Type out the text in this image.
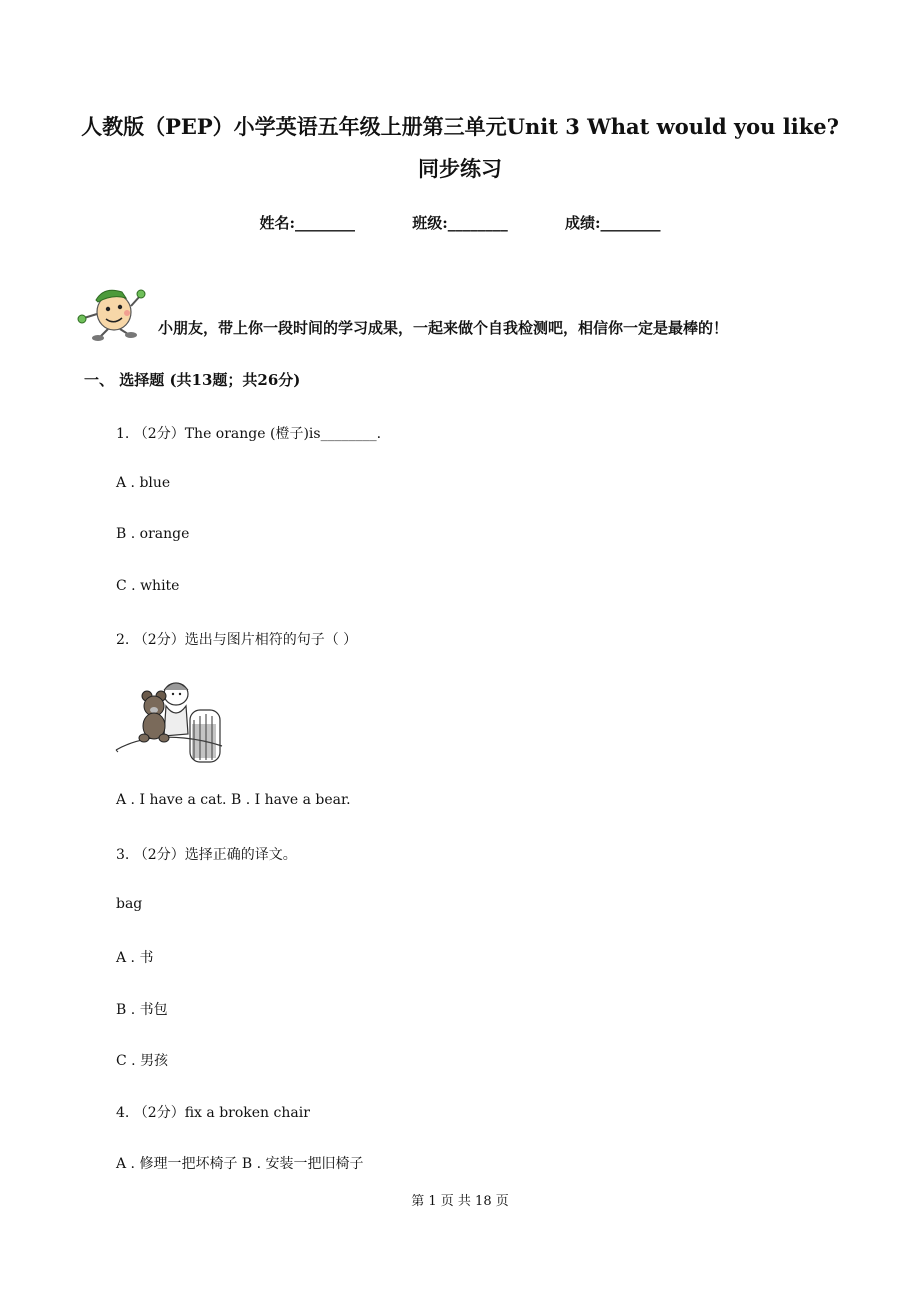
人教版（PEP）小学英语五年级上册第三单元Unit 3 What would you like? 同步练习
姓名:________	班级:________	成绩:________
小朋友，带上你一段时间的学习成果，一起来做个自我检测吧，相信你一定是最棒的！
一、 选择题 (共13题；共26分)
1. （2分）The orange (橙子)is________.
A . blue
B . orange
C . white
2. （2分）选出与图片相符的句子（ ）
A . I have a cat. B . I have a bear.
3. （2分）选择正确的译文。
bag
A . 书
B . 书包
C . 男孩
4. （2分）fix a broken chair
A . 修理一把坏椅子 B . 安装一把旧椅子
第 1 页 共 18 页
